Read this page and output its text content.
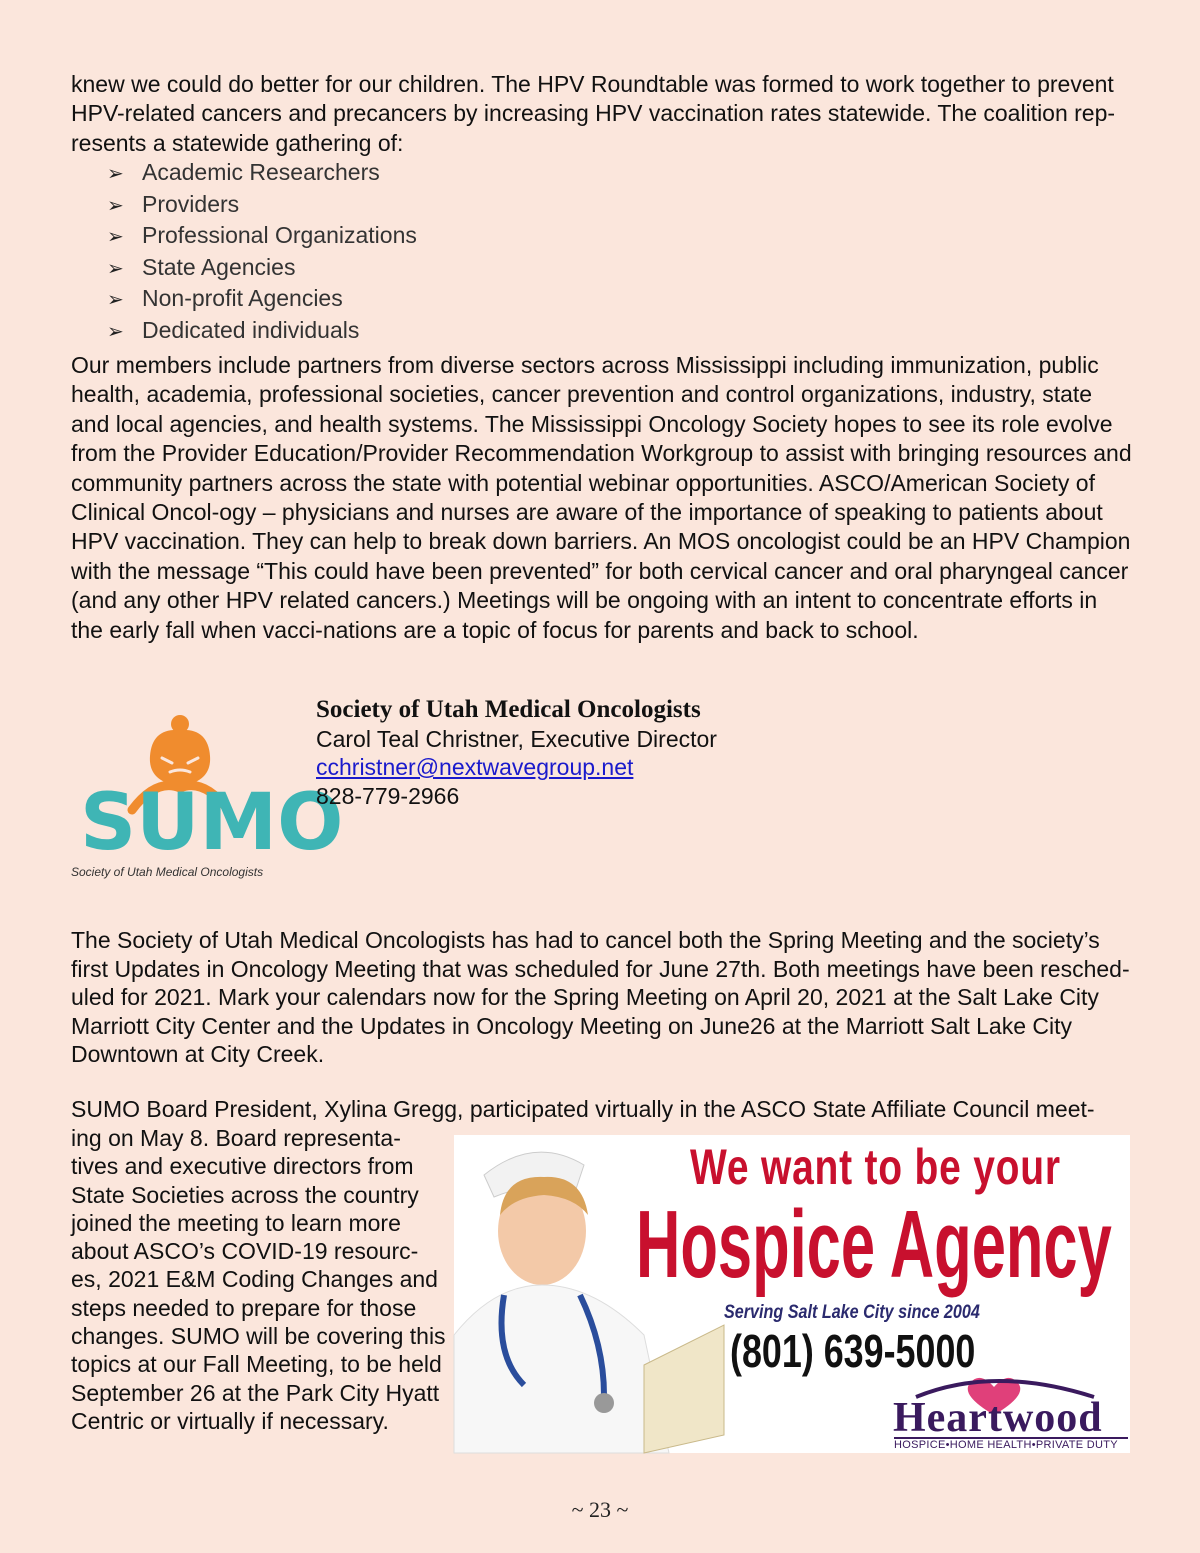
knew we could do better for our children. The HPV Roundtable was formed to work together to prevent HPV-related cancers and precancers by increasing HPV vaccination rates statewide. The coalition rep-resents a statewide gathering of:

➢ Academic Researchers
➢ Providers
➢ Professional Organizations
➢ State Agencies
➢ Non-profit Agencies
➢ Dedicated individuals

Our members include partners from diverse sectors across Mississippi including immunization, public health, academia, professional societies, cancer prevention and control organizations, industry, state and local agencies, and health systems. The Mississippi Oncology Society hopes to see its role evolve from the Provider Education/Provider Recommendation Workgroup to assist with bringing resources and community partners across the state with potential webinar opportunities. ASCO/American Society of Clinical Oncol-ogy – physicians and nurses are aware of the importance of speaking to patients about HPV vaccination. They can help to break down barriers. An MOS oncologist could be an HPV Champion with the message “This could have been prevented” for both cervical cancer and oral pharyngeal cancer (and any other HPV related cancers.) Meetings will be ongoing with an intent to concentrate efforts in the early fall when vacci-nations are a topic of focus for parents and back to school.

SUMO
Society of Utah Medical Oncologists
Society of Utah Medical Oncologists
Carol Teal Christner, Executive Director
cchristner@nextwavegroup.net
828-779-2966

The Society of Utah Medical Oncologists has had to cancel both the Spring Meeting and the society’s first Updates in Oncology Meeting that was scheduled for June 27th. Both meetings have been resched-uled for 2021. Mark your calendars now for the Spring Meeting on April 20, 2021 at the Salt Lake City Marriott City Center and the Updates in Oncology Meeting on June26 at the Marriott Salt Lake City Downtown at City Creek.

SUMO Board President, Xylina Gregg, participated virtually in the ASCO State Affiliate Council meet-

ing on May 8. Board representa-tives and executive directors from State Societies across the country joined the meeting to learn more about ASCO’s COVID-19 resourc-es, 2021 E&M Coding Changes and steps needed to prepare for those changes. SUMO will be covering this topics at our Fall Meeting, to be held September 26 at the Park City Hyatt Centric or virtually if necessary.

We want to be your
Hospice Agency
Serving Salt Lake City since 2004
(801) 639-5000
Heartwood
HOSPICE•HOME HEALTH•PRIVATE DUTY
~ 23 ~
